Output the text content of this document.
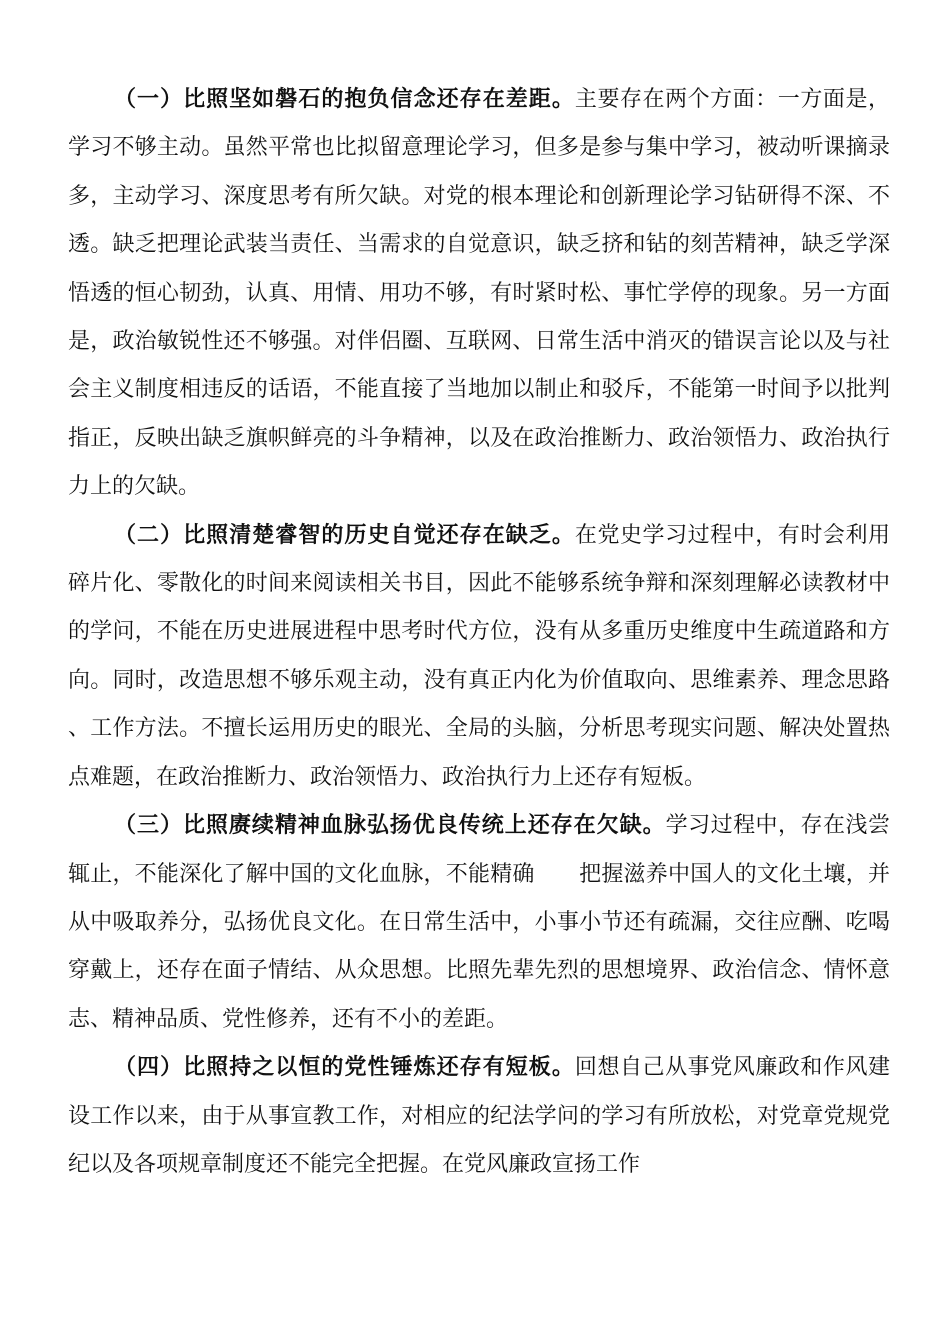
（一）比照坚如磐石的抱负信念还存在差距。主要存在两个方面：一方面是，学习不够主动。虽然平常也比拟留意理论学习，但多是参与集中学习，被动听课摘录多，主动学习、深度思考有所欠缺。对党的根本理论和创新理论学习钻研得不深、不透。缺乏把理论武装当责任、当需求的自觉意识，缺乏挤和钻的刻苦精神，缺乏学深悟透的恒心韧劲，认真、用情、用功不够，有时紧时松、事忙学停的现象。另一方面是，政治敏锐性还不够强。对伴侣圈、互联网、日常生活中消灭的错误言论以及与社会主义制度相违反的话语，不能直接了当地加以制止和驳斥，不能第一时间予以批判指正，反映出缺乏旗帜鲜亮的斗争精神，以及在政治推断力、政治领悟力、政治执行力上的欠缺。

（二）比照清楚睿智的历史自觉还存在缺乏。在党史学习过程中，有时会利用碎片化、零散化的时间来阅读相关书目，因此不能够系统争辩和深刻理解必读教材中的学问，不能在历史进展进程中思考时代方位，没有从多重历史维度中生疏道路和方向。同时，改造思想不够乐观主动，没有真正内化为价值取向、思维素养、理念思路、工作方法。不擅长运用历史的眼光、全局的头脑，分析思考现实问题、解决处置热点难题，在政治推断力、政治领悟力、政治执行力上还存有短板。

（三）比照赓续精神血脉弘扬优良传统上还存在欠缺。学习过程中，存在浅尝辄止，不能深化了解中国的文化血脉，不能精确　　把握滋养中国人的文化土壤，并从中吸取养分，弘扬优良文化。在日常生活中，小事小节还有疏漏，交往应酬、吃喝穿戴上，还存在面子情结、从众思想。比照先辈先烈的思想境界、政治信念、情怀意志、精神品质、党性修养，还有不小的差距。

（四）比照持之以恒的党性锤炼还存有短板。回想自己从事党风廉政和作风建设工作以来，由于从事宣教工作，对相应的纪法学问的学习有所放松，对党章党规党纪以及各项规章制度还不能完全把握。在党风廉政宣扬工作
